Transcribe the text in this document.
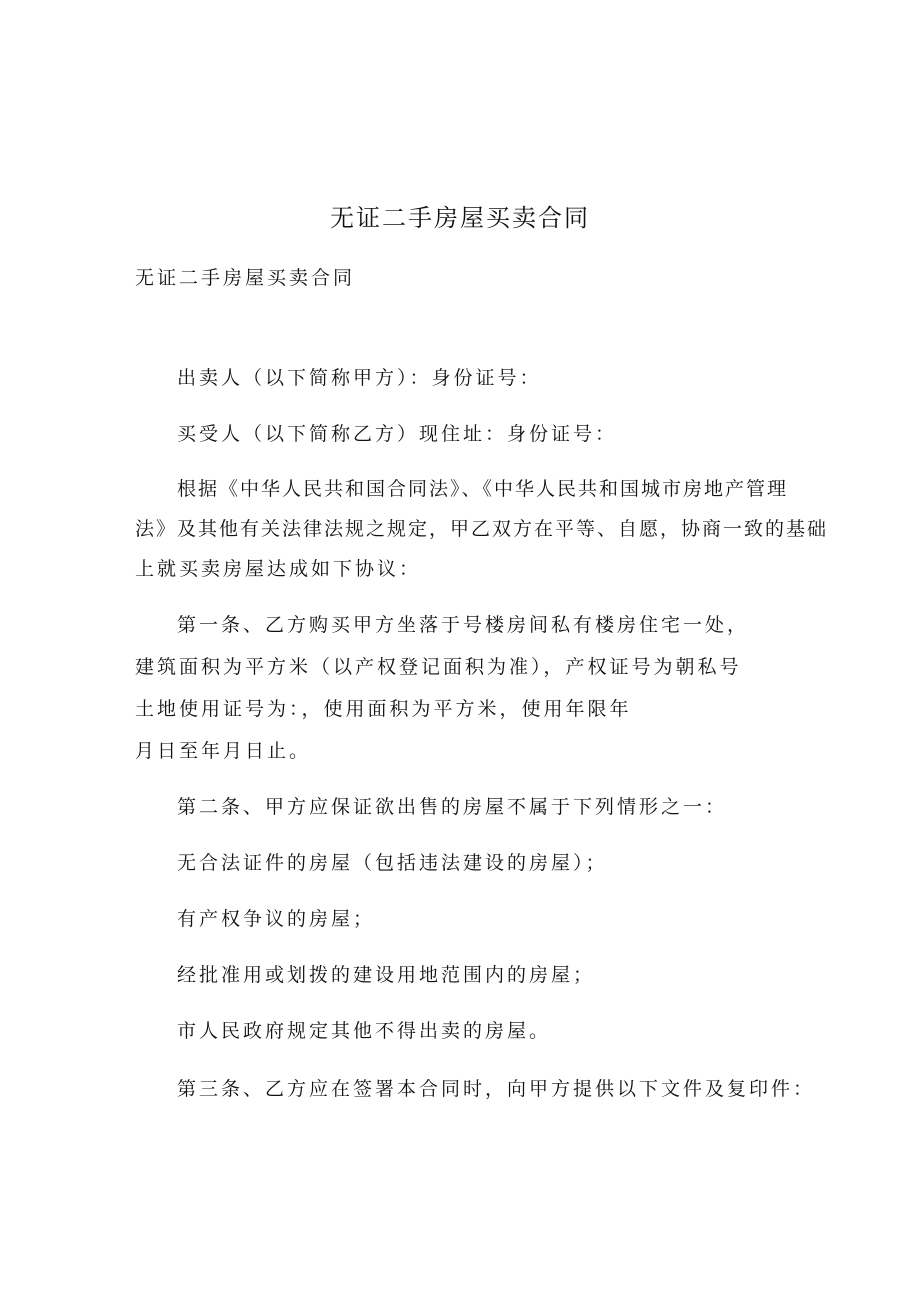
无证二手房屋买卖合同
无证二手房屋买卖合同
出卖人（以下简称甲方）：身份证号：
买受人（以下简称乙方）现住址：身份证号：
根据《中华人民共和国合同法》、《中华人民共和国城市房地产管理
法》及其他有关法律法规之规定，甲乙双方在平等、自愿，协商一致的基础
上就买卖房屋达成如下协议：
第一条、乙方购买甲方坐落于号楼房间私有楼房住宅一处，
建筑面积为平方米（以产权登记面积为准），产权证号为朝私号
土地使用证号为：，使用面积为平方米，使用年限年
月日至年月日止。
第二条、甲方应保证欲出售的房屋不属于下列情形之一：
无合法证件的房屋（包括违法建设的房屋）；
有产权争议的房屋；
经批准用或划拨的建设用地范围内的房屋；
市人民政府规定其他不得出卖的房屋。
第三条、乙方应在签署本合同时，向甲方提供以下文件及复印件：
